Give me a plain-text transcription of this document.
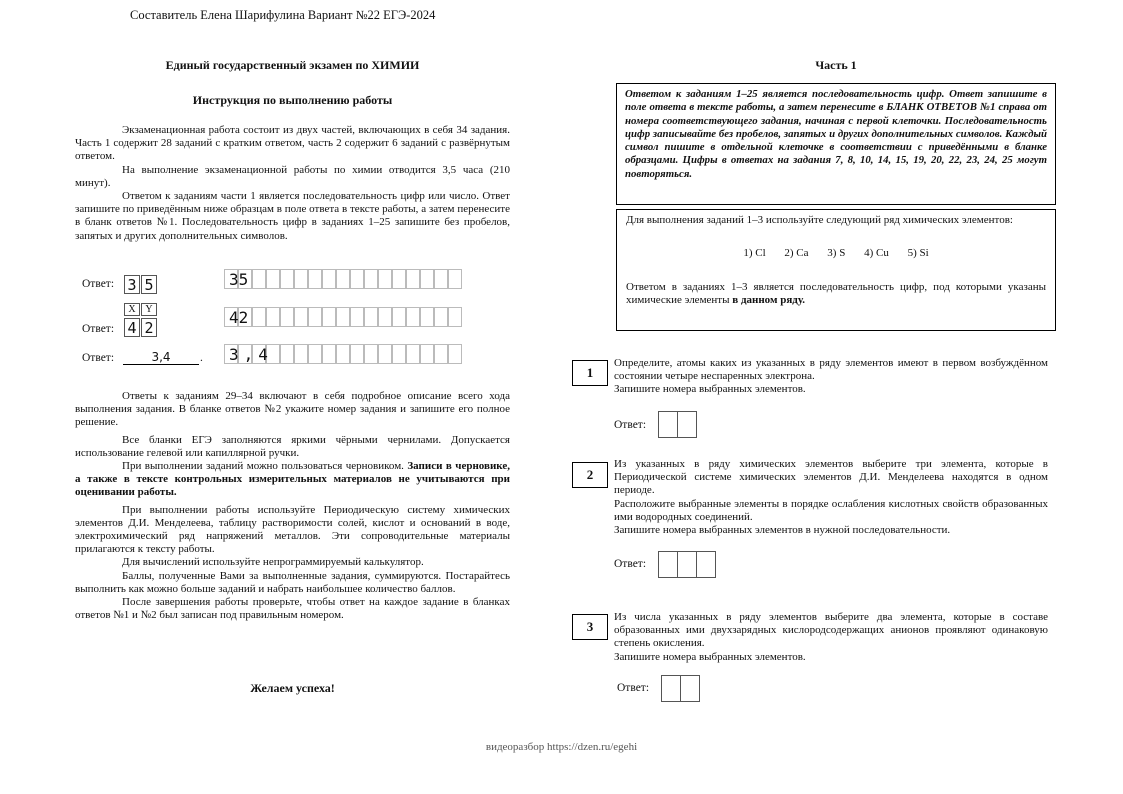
Составитель Елена Шарифулина Вариант №22 ЕГЭ-2024
Единый государственный экзамен по ХИМИИ
Инструкция по выполнению работы

Экзаменационная работа состоит из двух частей, включающих в себя 34 задания. Часть 1 содержит 28 заданий с кратким ответом, часть 2 содержит 6 заданий с развёрнутым ответом.

На выполнение экзаменационной работы по химии отводится 3,5 часа (210 минут).

Ответом к заданиям части 1 является последовательность цифр или число. Ответ запишите по приведённым ниже образцам в поле ответа в тексте работы, а затем перенесите в бланк ответов №1. Последовательность цифр в заданиях 1–25 запишите без пробелов, запятых и других дополнительных символов.

Ответ: 3 5
X Y
Ответ: 4 2
Ответ:	3,4	.
35
42
3,4

Ответы к заданиям 29–34 включают в себя подробное описание всего хода выполнения задания. В бланке ответов №2 укажите номер задания и запишите его полное решение.

Все бланки ЕГЭ заполняются яркими чёрными чернилами. Допускается использование гелевой или капиллярной ручки.

При выполнении заданий можно пользоваться черновиком. Записи в черновике, а также в тексте контрольных измерительных материалов не учитываются при оценивании работы.

При выполнении работы используйте Периодическую систему химических элементов Д.И. Менделеева, таблицу растворимости солей, кислот и оснований в воде, электрохимический ряд напряжений металлов. Эти сопроводительные материалы прилагаются к тексту работы.

Для вычислений используйте непрограммируемый калькулятор.

Баллы, полученные Вами за выполненные задания, суммируются. Постарайтесь выполнить как можно больше заданий и набрать наибольшее количество баллов.

После завершения работы проверьте, чтобы ответ на каждое задание в бланках ответов №1 и №2 был записан под правильным номером.

Желаем успеха!
Часть 1
Ответом к заданиям 1–25 является последовательность цифр. Ответ запишите в поле ответа в тексте работы, а затем перенесите в БЛАНК ОТВЕТОВ №1 справа от номера соответствующего задания, начиная с первой клеточки. Последовательность цифр записывайте без пробелов, запятых и других дополнительных символов. Каждый символ пишите в отдельной клеточке в соответствии с приведёнными в бланке образцами. Цифры в ответах на задания 7, 8, 10, 14, 15, 19, 20, 22, 23, 24, 25 могут повторяться.
Для выполнения заданий 1–3 используйте следующий ряд химических элементов:
1) Cl 2) Ca 3) S 4) Cu 5) Si
Ответом в заданиях 1–3 является последовательность цифр, под которыми указаны химические элементы в данном ряду.
1

Определите, атомы каких из указанных в ряду элементов имеют в первом возбуждённом состоянии четыре неспаренных электрона.

Запишите номера выбранных элементов.

Ответ:
2

Из указанных в ряду химических элементов выберите три элемента, которые в Периодической системе химических элементов Д.И. Менделеева находятся в одном периоде.

Расположите выбранные элементы в порядке ослабления кислотных свойств образованных ими водородных соединений.

Запишите номера выбранных элементов в нужной последовательности.

Ответ:
3

Из числа указанных в ряду элементов выберите два элемента, которые в составе образованных ими двухзарядных кислородсодержащих анионов проявляют одинаковую степень окисления.

Запишите номера выбранных элементов.

Ответ:
видеоразбор https://dzen.ru/egehi
